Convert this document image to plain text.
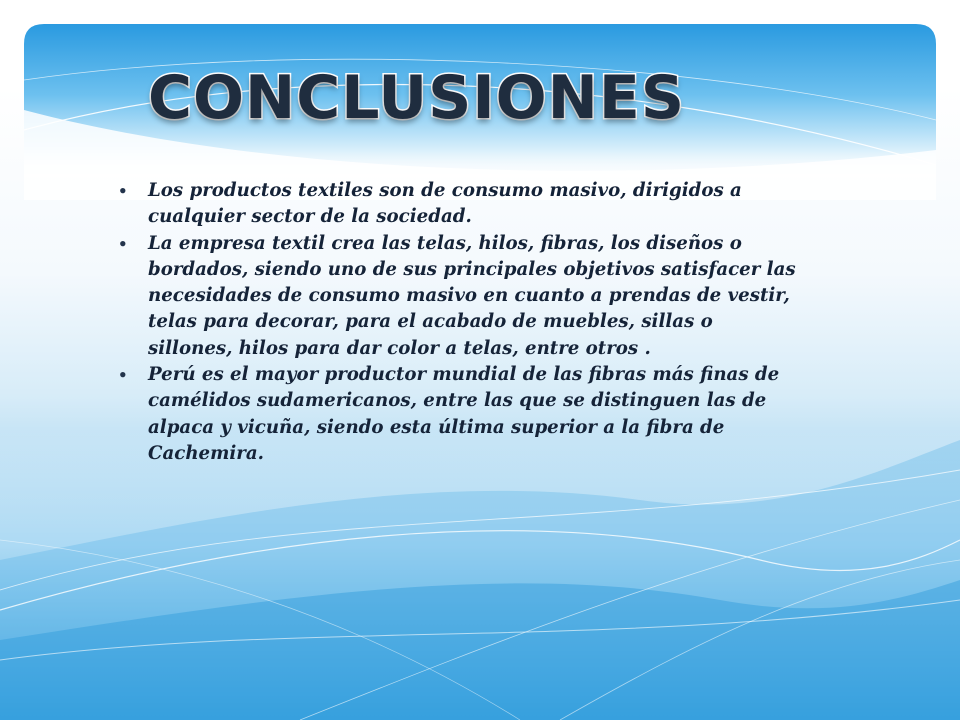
CONCLUSIONES
• Los productos textiles son de consumo masivo, dirigidos a cualquier sector de la sociedad.
• La empresa textil crea las telas, hilos, fibras, los diseños o bordados, siendo uno de sus principales objetivos satisfacer las necesidades de consumo masivo en cuanto a prendas de vestir, telas para decorar, para el acabado de muebles, sillas o sillones, hilos para dar color a telas, entre otros .
• Perú es el mayor productor mundial de las fibras más finas de camélidos sudamericanos, entre las que se distinguen las de alpaca y vicuña, siendo esta última superior a la fibra de Cachemira.
